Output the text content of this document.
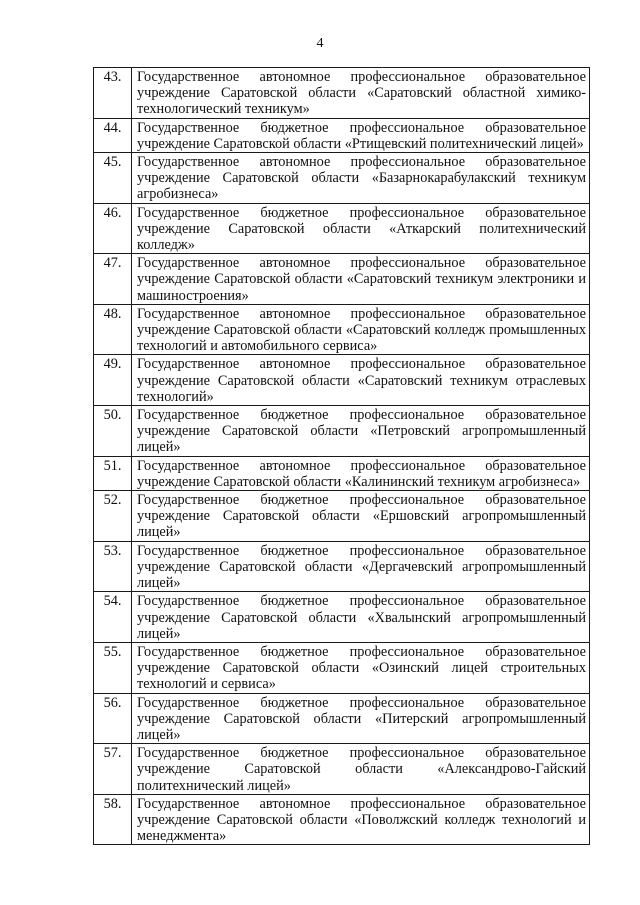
4
43.	Государственное автономное профессиональное образовательное учреждение Саратовской области «Саратовский областной химико-технологический техникум»
44.	Государственное бюджетное профессиональное образовательное учреждение Саратовской области «Ртищевский политехнический лицей»
45.	Государственное автономное профессиональное образовательное учреждение Саратовской области «Базарнокарабулакский техникум агробизнеса»
46.	Государственное бюджетное профессиональное образовательное учреждение Саратовской области «Аткарский политехнический колледж»
47.	Государственное автономное профессиональное образовательное учреждение Саратовской области «Саратовский техникум электроники и машиностроения»
48.	Государственное автономное профессиональное образовательное учреждение Саратовской области «Саратовский колледж промышленных технологий и автомобильного сервиса»
49.	Государственное автономное профессиональное образовательное учреждение Саратовской области «Саратовский техникум отраслевых технологий»
50.	Государственное бюджетное профессиональное образовательное учреждение Саратовской области «Петровский агропромышленный лицей»
51.	Государственное автономное профессиональное образовательное учреждение Саратовской области «Калининский техникум агробизнеса»
52.	Государственное бюджетное профессиональное образовательное учреждение Саратовской области «Ершовский агропромышленный лицей»
53.	Государственное бюджетное профессиональное образовательное учреждение Саратовской области «Дергачевский агропромышленный лицей»
54.	Государственное бюджетное профессиональное образовательное учреждение Саратовской области «Хвалынский агропромышленный лицей»
55.	Государственное бюджетное профессиональное образовательное учреждение Саратовской области «Озинский лицей строительных технологий и сервиса»
56.	Государственное бюджетное профессиональное образовательное учреждение Саратовской области «Питерский агропромышленный лицей»
57.	Государственное бюджетное профессиональное образовательное учреждение Саратовской области «Александрово-Гайский политехнический лицей»
58.	Государственное автономное профессиональное образовательное учреждение Саратовской области «Поволжский колледж технологий и менеджмента»
